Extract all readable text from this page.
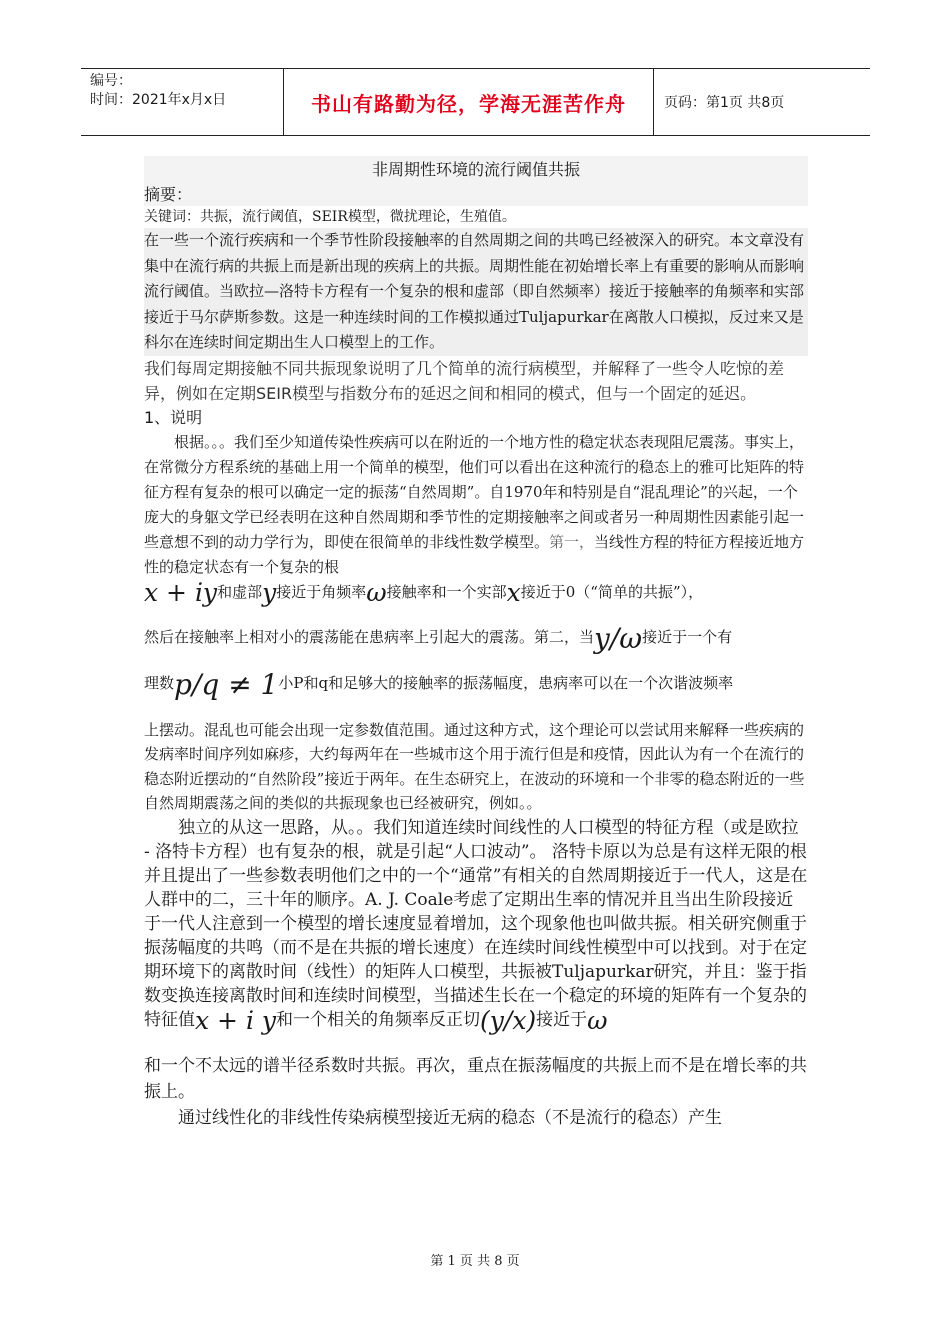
编号：
时间：2021年x月x日	书山有路勤为径，学海无涯苦作舟	页码：第1页 共8页
非周期性环境的流行阈值共振
摘要：
关键词：共振，流行阈值，SEIR模型，微扰理论，生殖值。

在一些一个流行疾病和一个季节性阶段接触率的自然周期之间的共鸣已经被深入的研究。本文章没有集中在流行病的共振上而是新出现的疾病上的共振。周期性能在初始增长率上有重要的影响从而影响流行阈值。当欧拉—洛特卡方程有一个复杂的根和虚部（即自然频率）接近于接触率的角频率和实部接近于马尔萨斯参数。这是一种连续时间的工作模拟通过Tuljapurkar在离散人口模拟，反过来又是科尔在连续时间定期出生人口模型上的工作。

我们每周定期接触不同共振现象说明了几个简单的流行病模型，并解释了一些令人吃惊的差异，例如在定期SEIR模型与指数分布的延迟之间和相同的模式，但与一个固定的延迟。

1、说明

根据。。。我们至少知道传染性疾病可以在附近的一个地方性的稳定状态表现阻尼震荡。事实上，在常微分方程系统的基础上用一个简单的模型，他们可以看出在这种流行的稳态上的雅可比矩阵的特征方程有复杂的根可以确定一定的振荡“自然周期”。自1970年和特别是自“混乱理论”的兴起，一个庞大的身躯文学已经表明在这种自然周期和季节性的定期接触率之间或者另一种周期性因素能引起一些意想不到的动力学行为，即使在很简单的非线性数学模型。第一，当线性方程的特征方程接近地方性的稳定状态有一个复杂的根

x + iy和虚部y接近于角频率ω接触率和一个实部x接近于0（“简单的共振”），

然后在接触率上相对小的震荡能在患病率上引起大的震荡。第二，当y/ω接近于一个有

理数p/q ≠ 1小P和q和足够大的接触率的振荡幅度，患病率可以在一个次谐波频率

上摆动。混乱也可能会出现一定参数值范围。通过这种方式，这个理论可以尝试用来解释一些疾病的发病率时间序列如麻疹，大约每两年在一些城市这个用于流行但是和疫情，因此认为有一个在流行的稳态附近摆动的“自然阶段”接近于两年。在生态研究上，在波动的环境和一个非零的稳态附近的一些自然周期震荡之间的类似的共振现象也已经被研究，例如。。

独立的从这一思路，从。。我们知道连续时间线性的人口模型的特征方程（或是欧拉 - 洛特卡方程）也有复杂的根，就是引起“人口波动”。 洛特卡原以为总是有这样无限的根并且提出了一些参数表明他们之中的一个“通常”有相关的自然周期接近于一代人，这是在人群中的二，三十年的顺序。A. J. Coale考虑了定期出生率的情况并且当出生阶段接近于一代人注意到一个模型的增长速度显着增加，这个现象他也叫做共振。相关研究侧重于振荡幅度的共鸣（而不是在共振的增长速度）在连续时间线性模型中可以找到。对于在定期环境下的离散时间（线性）的矩阵人口模型，共振被Tuljapurkar研究，并且：鉴于指数变换连接离散时间和连续时间模型，当描述生长在一个稳定的环境的矩阵有一个复杂的特征值x + i y和一个相关的角频率反正切(y/x)接近于ω

和一个不太远的谱半径系数时共振。再次，重点在振荡幅度的共振上而不是在增长率的共振上。

通过线性化的非线性传染病模型接近无病的稳态（不是流行的稳态）产生

第 1 页 共 8 页
